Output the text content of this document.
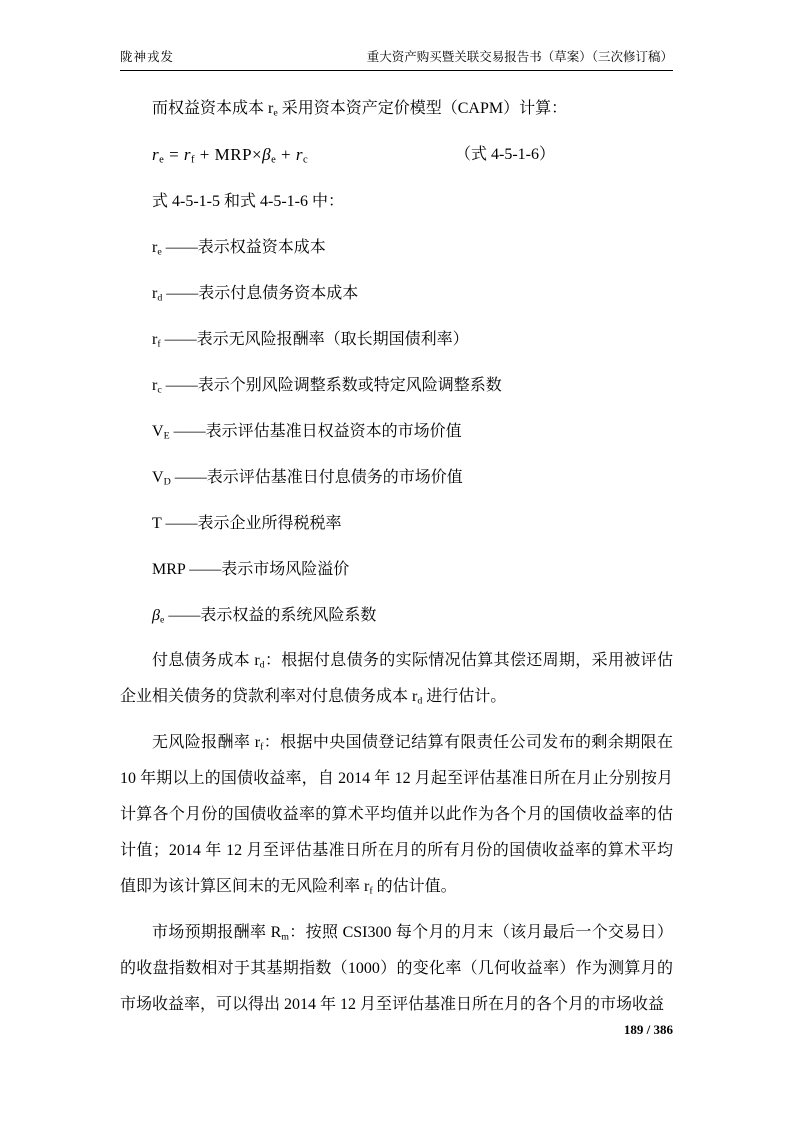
陇神戎发	重大资产购买暨关联交易报告书（草案）（三次修订稿）
而权益资本成本 $r_e$ 采用资本资产定价模型（CAPM）计算：
$r_e = r_f + MRP\times\beta_e + r_c$	（式 4-5-1-6）
式 4-5-1-5 和式 4-5-1-6 中：
$r_e$ ——表示权益资本成本
$r_d$ ——表示付息债务资本成本
$r_f$ ——表示无风险报酬率（取长期国债利率）
$r_c$ ——表示个别风险调整系数或特定风险调整系数
$V_E$ ——表示评估基准日权益资本的市场价值
$V_D$ ——表示评估基准日付息债务的市场价值
T ——表示企业所得税税率
MRP ——表示市场风险溢价
$\beta_e$ ——表示权益的系统风险系数
付息债务成本 $r_d$：根据付息债务的实际情况估算其偿还周期，采用被评估企业相关债务的贷款利率对付息债务成本 $r_d$ 进行估计。
无风险报酬率 $r_f$：根据中央国债登记结算有限责任公司发布的剩余期限在 10 年期以上的国债收益率，自 2014 年 12 月起至评估基准日所在月止分别按月计算各个月份的国债收益率的算术平均值并以此作为各个月的国债收益率的估计值；2014 年 12 月至评估基准日所在月的所有月份的国债收益率的算术平均值即为该计算区间末的无风险利率 $r_f$ 的估计值。
市场预期报酬率 $R_m$：按照 CSI300 每个月的月末（该月最后一个交易日）的收盘指数相对于其基期指数（1000）的变化率（几何收益率）作为测算月的市场收益率，可以得出 2014 年 12 月至评估基准日所在月的各个月的市场收益
189 / 386
